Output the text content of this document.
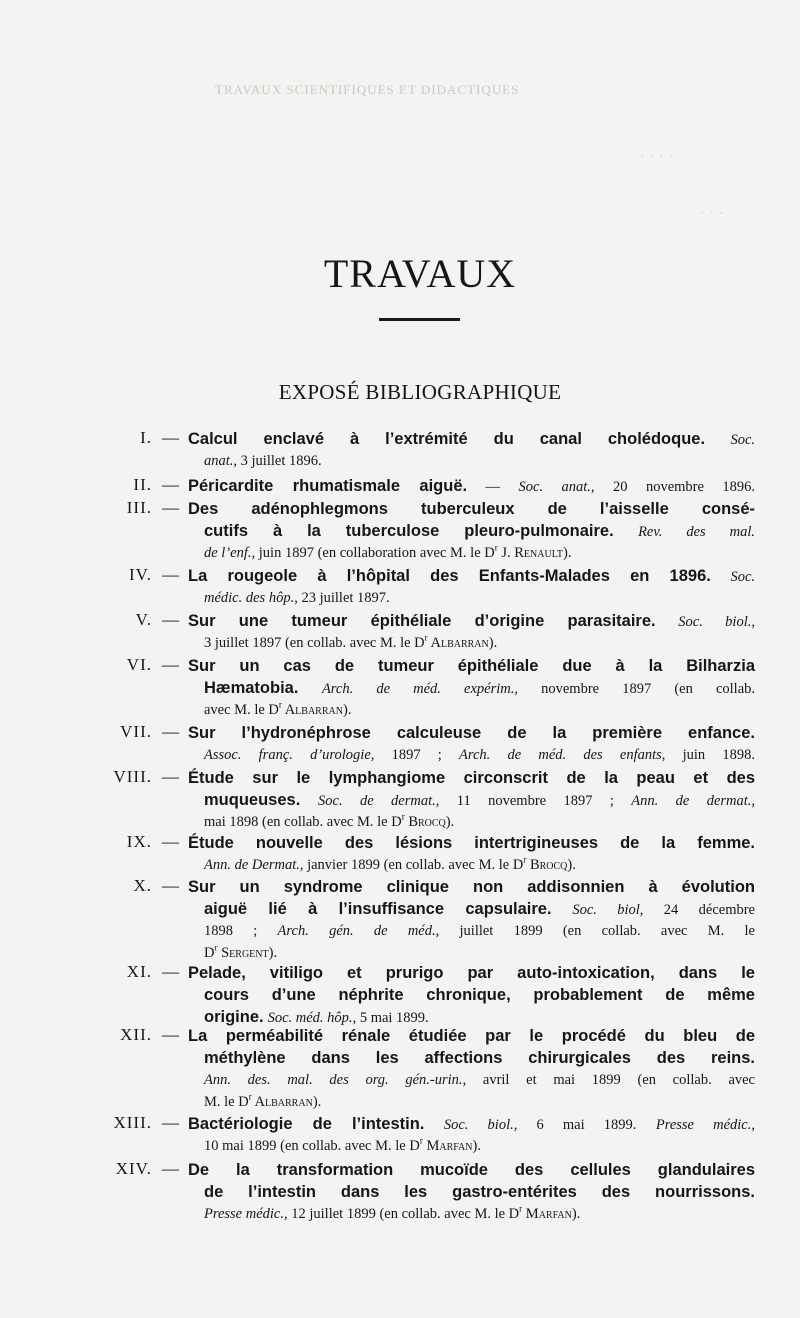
TRAVAUX SCIENTIFIQUES ET DIDACTIQUES
· · · ·
· · ·
TRAVAUX
EXPOSÉ BIBLIOGRAPHIQUE
I. — Calcul enclavé à l’extrémité du canal cholédoque. Soc.
anat., 3 juillet 1896.
II. — Péricardite rhumatismale aiguë. — Soc. anat., 20 novembre 1896.
III. — Des adénophlegmons tuberculeux de l’aisselle consé-
cutifs à la tuberculose pleuro-pulmonaire. Rev. des mal.
de l’enf., juin 1897 (en collaboration avec M. le $D^r$ J. Renault).
IV. — La rougeole à l’hôpital des Enfants-Malades en 1896. Soc.
médic. des hôp., 23 juillet 1897.
V. — Sur une tumeur épithéliale d’origine parasitaire. Soc. biol.,
3 juillet 1897 (en collab. avec M. le $D^r$ Albarran).
VI. — Sur un cas de tumeur épithéliale due à la Bilharzia
Hæmatobia. Arch. de méd. expérim., novembre 1897 (en collab.
avec M. le $D^r$ Albarran).
VII. — Sur l’hydronéphrose calculeuse de la première enfance.
Assoc. franç. d’urologie, 1897 ; Arch. de méd. des enfants, juin 1898.
VIII. — Étude sur le lymphangiome circonscrit de la peau et des
muqueuses. Soc. de dermat., 11 novembre 1897 ; Ann. de dermat.,
mai 1898 (en collab. avec M. le $D^r$ Brocq).
IX. — Étude nouvelle des lésions intertrigineuses de la femme.
Ann. de Dermat., janvier 1899 (en collab. avec M. le $D^r$ Brocq).
X. — Sur un syndrome clinique non addisonnien à évolution
aiguë lié à l’insuffisance capsulaire. Soc. biol, 24 décembre
1898 ; Arch. gén. de méd., juillet 1899 (en collab. avec M. le
$D^r$ Sergent).
XI. — Pelade, vitiligo et prurigo par auto-intoxication, dans le
cours d’une néphrite chronique, probablement de même
origine. Soc. méd. hôp., 5 mai 1899.
XII. — La perméabilité rénale étudiée par le procédé du bleu de
méthylène dans les affections chirurgicales des reins.
Ann. des. mal. des org. gén.-urin., avril et mai 1899 (en collab. avec
M. le $D^r$ Albarran).
XIII. — Bactériologie de l’intestin. Soc. biol., 6 mai 1899. Presse médic.,
10 mai 1899 (en collab. avec M. le $D^r$ Marfan).
XIV. — De la transformation mucoïde des cellules glandulaires
de l’intestin dans les gastro-entérites des nourrissons.
Presse médic., 12 juillet 1899 (en collab. avec M. le $D^r$ Marfan).
